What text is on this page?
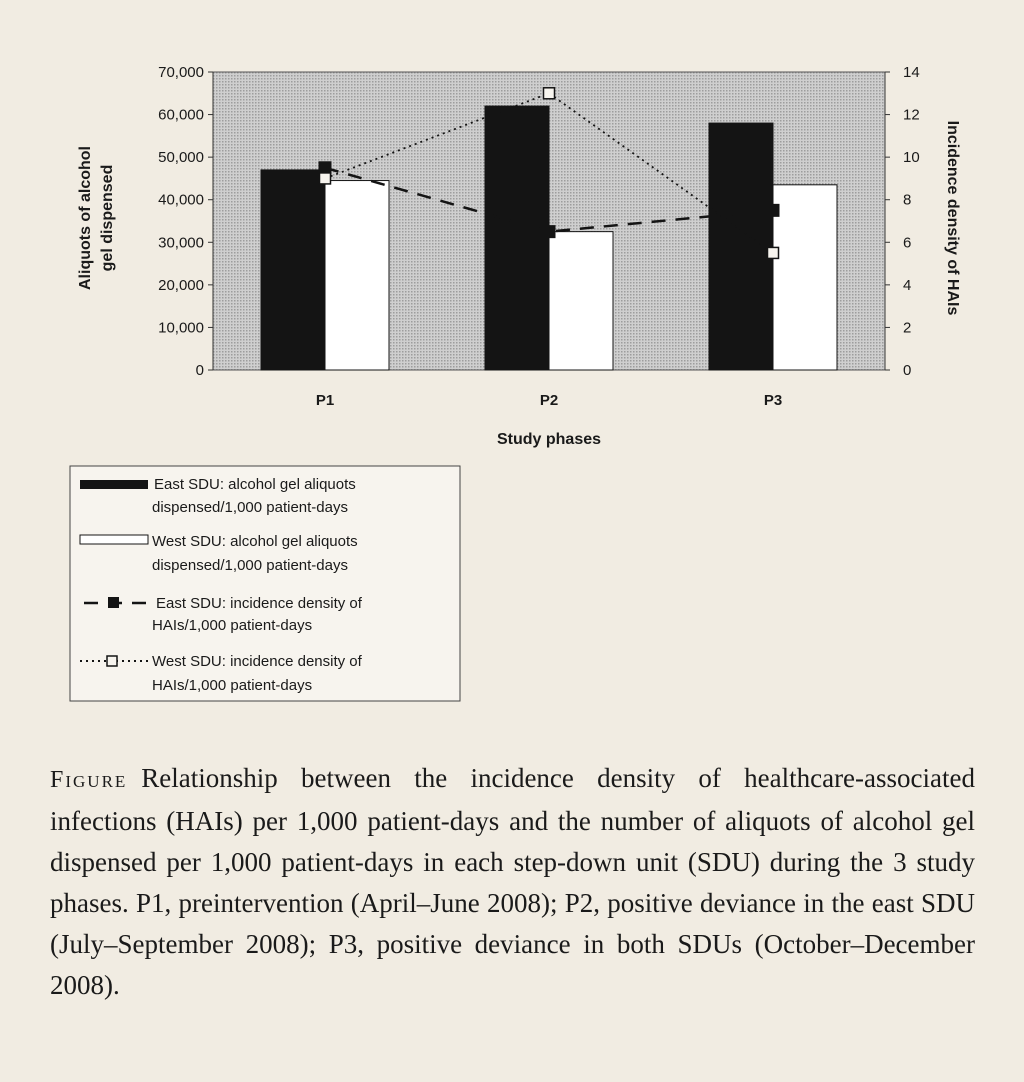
0
10,000
20,000
30,000
40,000
50,000
60,000
70,000
0
2
4
6
8
10
12
14
P1	P2	P3
Study phases
Aliquots of alcohol gel dispensed	Incidence density of HAIs
East SDU: alcohol gel aliquots
dispensed/1,000 patient-days
West SDU: alcohol gel aliquots
dispensed/1,000 patient-days
East SDU: incidence density of
HAIs/1,000 patient-days
West SDU: incidence density of
HAIs/1,000 patient-days

Figure Relationship between the incidence density of healthcare-associated infections (HAIs) per 1,000 patient-days and the number of aliquots of alcohol gel dispensed per 1,000 patient-days in each step-down unit (SDU) during the 3 study phases. P1, preintervention (April–June 2008); P2, positive deviance in the east SDU (July–September 2008); P3, positive deviance in both SDUs (October–December 2008).
